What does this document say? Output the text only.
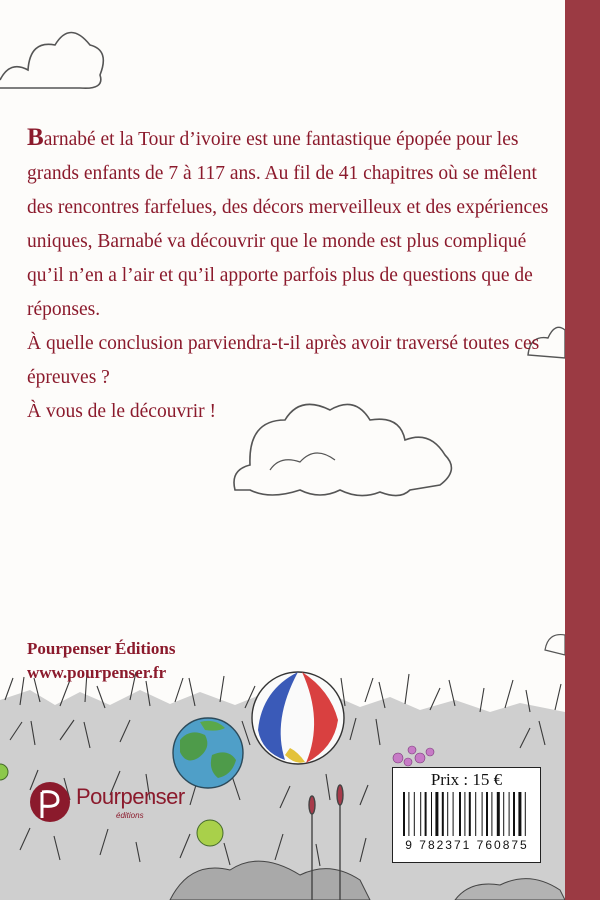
Barnabé et la Tour d’ivoire est une fantastique épopée pour les grands enfants de 7 à 117 ans. Au fil de 41 chapitres où se mêlent des rencontres farfelues, des décors merveilleux et des expériences uniques, Barnabé va découvrir que le monde est plus compliqué qu’il n’en a l’air et qu’il apporte parfois plus de questions que de réponses.

À quelle conclusion parviendra-t-il après avoir traversé toutes ces épreuves ?

À vous de le découvrir !

Pourpenser Éditions
www.pourpenser.fr
Pourpenser
éditions
Prix : 15 €
9 782371 760875
